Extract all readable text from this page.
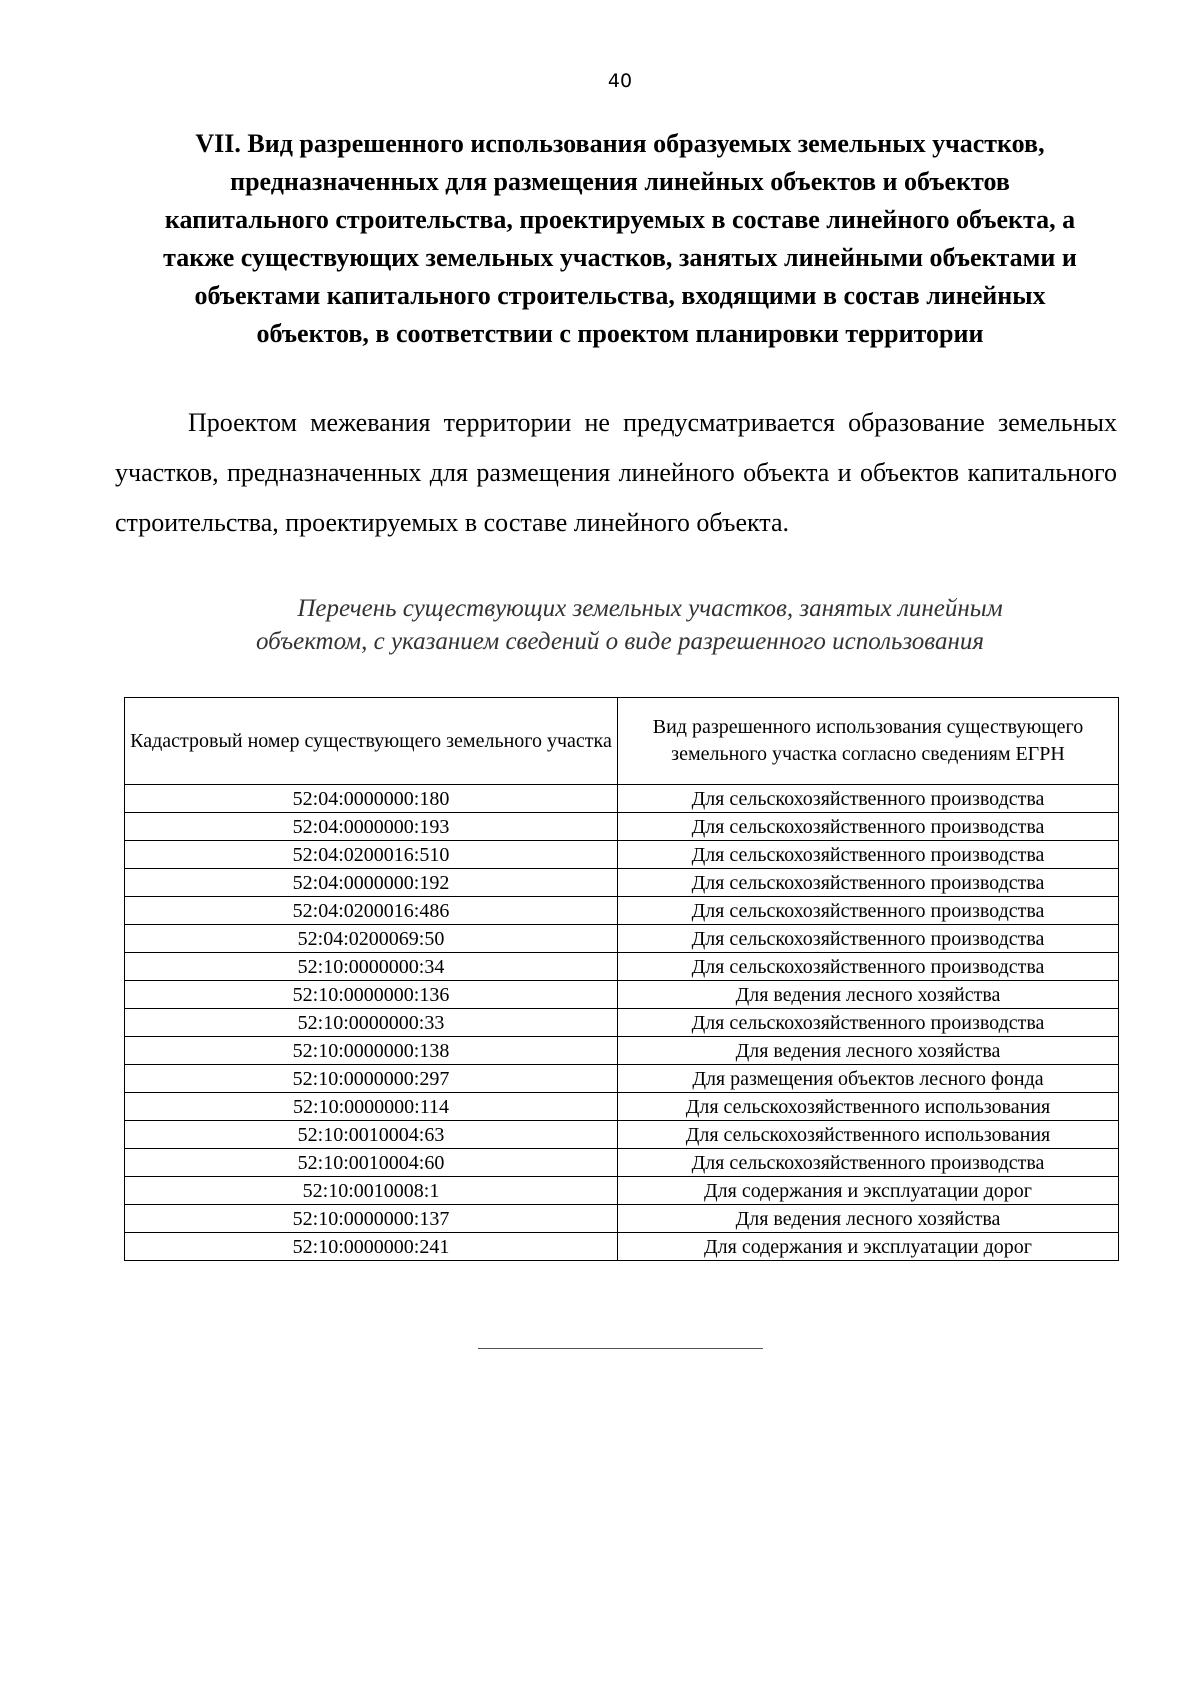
40
VII. Вид разрешенного использования образуемых земельных участков,
предназначенных для размещения линейных объектов и объектов
капитального строительства, проектируемых в составе линейного объекта, а
также существующих земельных участков, занятых линейными объектами и
объектами капитального строительства, входящими в состав линейных
объектов, в соответствии с проектом планировки территории

Проектом межевания территории не предусматривается образование земельных участков, предназначенных для размещения линейного объекта и объектов капитального строительства, проектируемых в составе линейного объекта.

Перечень существующих земельных участков, занятых линейным
объектом, с указанием сведений о виде разрешенного использования
Кадастровый номер существующего земельного участка	Вид разрешенного использования существующего земельного участка согласно сведениям ЕГРН
52:04:0000000:180	Для сельскохозяйственного производства
52:04:0000000:193	Для сельскохозяйственного производства
52:04:0200016:510	Для сельскохозяйственного производства
52:04:0000000:192	Для сельскохозяйственного производства
52:04:0200016:486	Для сельскохозяйственного производства
52:04:0200069:50	Для сельскохозяйственного производства
52:10:0000000:34	Для сельскохозяйственного производства
52:10:0000000:136	Для ведения лесного хозяйства
52:10:0000000:33	Для сельскохозяйственного производства
52:10:0000000:138	Для ведения лесного хозяйства
52:10:0000000:297	Для размещения объектов лесного фонда
52:10:0000000:114	Для сельскохозяйственного использования
52:10:0010004:63	Для сельскохозяйственного использования
52:10:0010004:60	Для сельскохозяйственного производства
52:10:0010008:1	Для содержания и эксплуатации дорог
52:10:0000000:137	Для ведения лесного хозяйства
52:10:0000000:241	Для содержания и эксплуатации дорог
